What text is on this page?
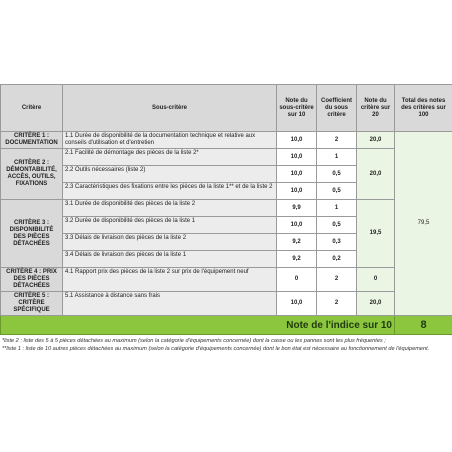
Critère	Sous-critère	Note du sous-critère sur 10	Coefficient du sous critère	Note du critère sur 20	Total des notes des critères sur 100
CRITÈRE 1 : DOCUMENTATION	1.1 Durée de disponibilité de la documentation technique et relative aux conseils d'utilisation et d'entretien	10,0	2	20,0	79,5
CRITÈRE 2 : DÉMONTABILITÉ, ACCÈS, OUTILS, FIXATIONS	2.1 Facilité de démontage des pièces de la liste 2*	10,0	1	20,0	
	2.2 Outils nécessaires (liste 2)	10,0	0,5		
	2.3 Caractéristiques des fixations entre les pièces de la liste 1** et de la liste 2	10,0	0,5		
CRITÈRE 3 : DISPONIBILITÉ DES PIÈCES DÉTACHÉES	3.1 Durée de disponibilité des pièces de la liste 2	9,9	1	19,5	
	3.2 Durée de disponibilité des pièces de la liste 1	10,0	0,5		
	3.3 Délais de livraison des pièces de la liste 2	9,2	0,3		
	3.4 Délais de livraison des pièces de la liste 1	9,2	0,2		
CRITÈRE 4 : PRIX DES PIÈCES DÉTACHÉES	4.1 Rapport prix des pièces de la liste 2 sur prix de l'équipement neuf	0	2	0	
CRITÈRE 5 : CRITÈRE SPÉCIFIQUE	5.1 Assistance à distance sans frais	10,0	2	20,0	
Note de l'indice sur 10					8
*liste 2 : liste des 5 à 5 pièces détachées au maximum (selon la catégorie d'équipements concernée) dont la casse ou les pannes sont les plus fréquentes ;
**liste 1 : liste de 10 autres pièces détachées au maximum (selon la catégorie d'équipements concernée) dont le bon état est nécessaire au fonctionnement de l'équipement.
